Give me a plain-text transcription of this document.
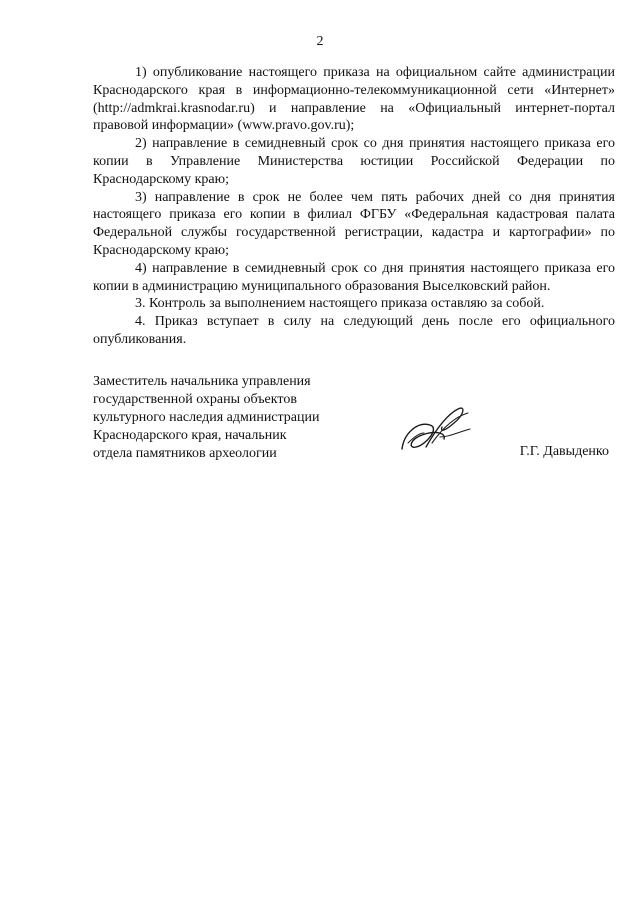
2

1) опубликование настоящего приказа на официальном сайте администрации Краснодарского края в информационно-телекоммуникационной сети «Интернет» (http://admkrai.krasnodar.ru) и направление на «Официальный интернет-портал правовой информации» (www.pravo.gov.ru);

2) направление в семидневный срок со дня принятия настоящего приказа его копии в Управление Министерства юстиции Российской Федерации по Краснодарскому краю;

3) направление в срок не более чем пять рабочих дней со дня принятия настоящего приказа его копии в филиал ФГБУ «Федеральная кадастровая палата Федеральной службы государственной регистрации, кадастра и картографии» по Краснодарскому краю;

4) направление в семидневный срок со дня принятия настоящего приказа его копии в администрацию муниципального образования Выселковский район.

3. Контроль за выполнением настоящего приказа оставляю за собой.

4. Приказ вступает в силу на следующий день после его официального опубликования.

Заместитель начальника управления
государственной охраны объектов
культурного наследия администрации
Краснодарского края, начальник
отдела памятников археологии	Г.Г. Давыденко
